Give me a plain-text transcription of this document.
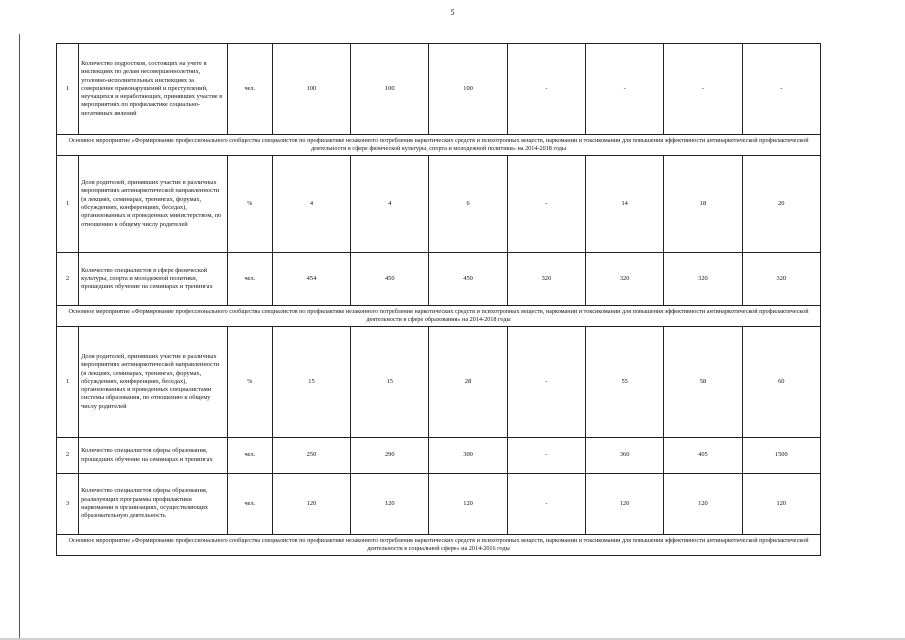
5
1	Количество подростков, состоящих на учете в инспекциях по делам несовершеннолетних, уголовно-исполнительных инспекциях за совершение правонарушений и преступлений, неучащихся и неработающих, принявших участие в мероприятиях по профилактике социально-негативных явлений	чел.	100	100	100	-	-	-	-
Основное мероприятие «Формирование профессионального сообщества специалистов по профилактике незаконного потребления наркотических средств и психотропных веществ, наркомании и токсикомании для повышения эффективности антинаркотической профилактической деятельности в сфере физической культуры, спорта и молодежной политики» на 2014-2018 годы									
1	Доля родителей, принявших участие в различных мероприятиях антинаркотической направленности (в лекциях, семинарах, тренингах, форумах, обсуждениях, конференциях, беседах), организованных и проведенных министерством, по отношению к общему числу родителей	%	4	4	6	-	14	18	20
2	Количество специалистов в сфере физической культуры, спорта и молодежной политики, прошедших обучение на семинарах и тренингах	чел.	454	450	450	320	320	320	320
Основное мероприятие «Формирование профессионального сообщества специалистов по профилактике незаконного потребления наркотических средств и психотропных веществ, наркомании и токсикомании для повышения эффективности антинаркотической профилактической деятельности в сфере образования» на 2014-2018 годы									
1	Доля родителей, принявших участие в различных мероприятиях антинаркотической направленности (в лекциях, семинарах, тренингах, форумах, обсуждениях, конференциях, беседах), организованных и проведенных специалистами системы образования, по отношению к общему числу родителей	%	15	15	28	-	55	58	60
2	Количество специалистов сферы образования, прошедших обучение на семинарах и тренингах	чел.	250	290	300	-	360	405	1500
3	Количество специалистов сферы образования, реализующих программы профилактики наркомании в организациях, осуществляющих образовательную деятельность	чел.	120	120	120	-	120	120	120
Основное мероприятие «Формирование профессионального сообщества специалистов по профилактике незаконного потребления наркотических средств и психотропных веществ, наркомании и токсикомании для повышения эффективности антинаркотической профилактической деятельности в социальной сфере» на 2014-2016 годы									
